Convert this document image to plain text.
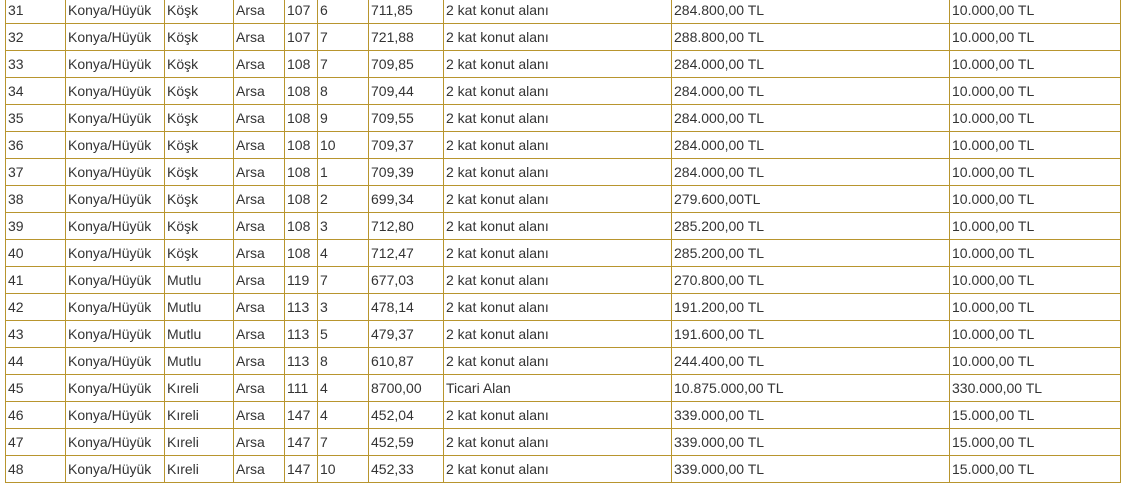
31	Konya/Hüyük	Köşk	Arsa	107	6	711,85	2 kat konut alanı	284.800,00 TL	10.000,00 TL
32	Konya/Hüyük	Köşk	Arsa	107	7	721,88	2 kat konut alanı	288.800,00 TL	10.000,00 TL
33	Konya/Hüyük	Köşk	Arsa	108	7	709,85	2 kat konut alanı	284.000,00 TL	10.000,00 TL
34	Konya/Hüyük	Köşk	Arsa	108	8	709,44	2 kat konut alanı	284.000,00 TL	10.000,00 TL
35	Konya/Hüyük	Köşk	Arsa	108	9	709,55	2 kat konut alanı	284.000,00 TL	10.000,00 TL
36	Konya/Hüyük	Köşk	Arsa	108	10	709,37	2 kat konut alanı	284.000,00 TL	10.000,00 TL
37	Konya/Hüyük	Köşk	Arsa	108	1	709,39	2 kat konut alanı	284.000,00 TL	10.000,00 TL
38	Konya/Hüyük	Köşk	Arsa	108	2	699,34	2 kat konut alanı	279.600,00TL	10.000,00 TL
39	Konya/Hüyük	Köşk	Arsa	108	3	712,80	2 kat konut alanı	285.200,00 TL	10.000,00 TL
40	Konya/Hüyük	Köşk	Arsa	108	4	712,47	2 kat konut alanı	285.200,00 TL	10.000,00 TL
41	Konya/Hüyük	Mutlu	Arsa	119	7	677,03	2 kat konut alanı	270.800,00 TL	10.000,00 TL
42	Konya/Hüyük	Mutlu	Arsa	113	3	478,14	2 kat konut alanı	191.200,00 TL	10.000,00 TL
43	Konya/Hüyük	Mutlu	Arsa	113	5	479,37	2 kat konut alanı	191.600,00 TL	10.000,00 TL
44	Konya/Hüyük	Mutlu	Arsa	113	8	610,87	2 kat konut alanı	244.400,00 TL	10.000,00 TL
45	Konya/Hüyük	Kıreli	Arsa	111	4	8700,00	Ticari Alan	10.875.000,00 TL	330.000,00 TL
46	Konya/Hüyük	Kıreli	Arsa	147	4	452,04	2 kat konut alanı	339.000,00 TL	15.000,00 TL
47	Konya/Hüyük	Kıreli	Arsa	147	7	452,59	2 kat konut alanı	339.000,00 TL	15.000,00 TL
48	Konya/Hüyük	Kıreli	Arsa	147	10	452,33	2 kat konut alanı	339.000,00 TL	15.000,00 TL
